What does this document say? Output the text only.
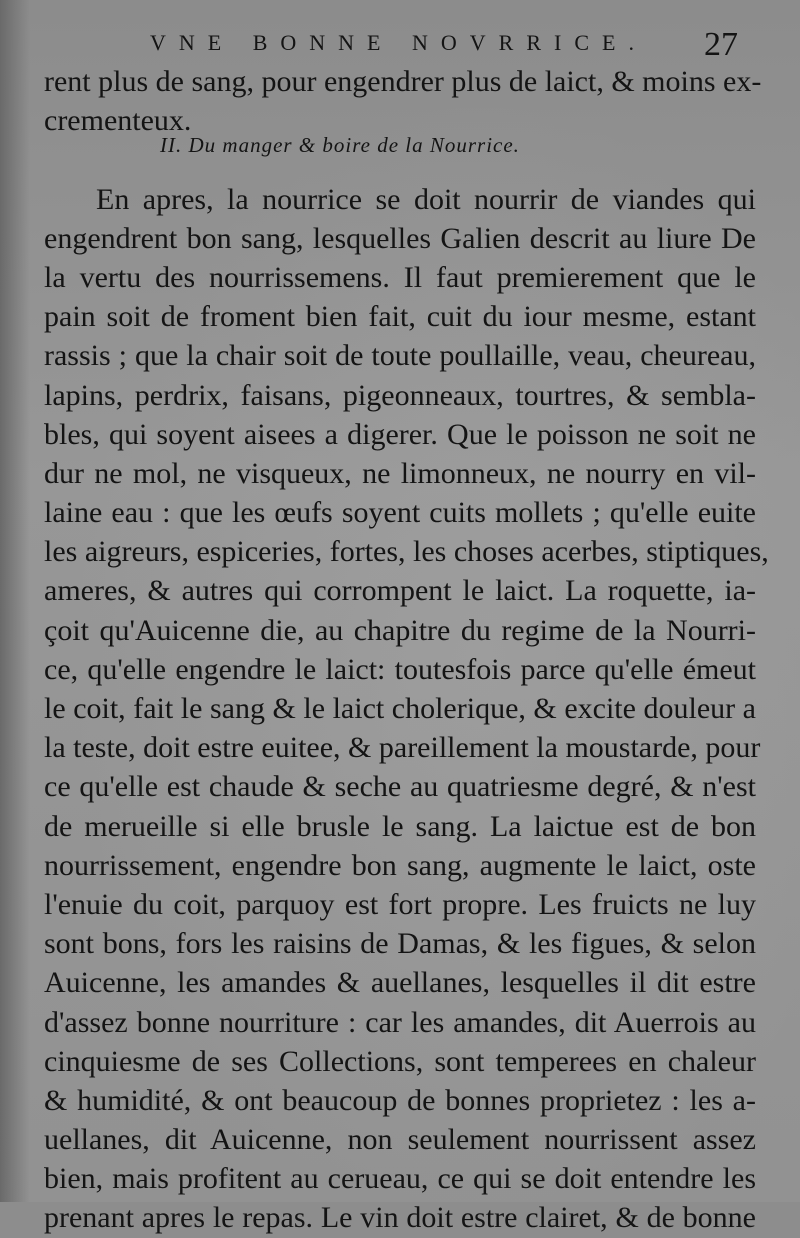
VNE BONNE NOVRRICE. 27
II. Du manger & boire de la Nourrice.
rent plus de sang, pour engendrer plus de laict, & moins ex-
crementeux.
En apres, la nourrice se doit nourrir de viandes qui
engendrent bon sang, lesquelles Galien descrit au liure De
la vertu des nourrissemens. Il faut premierement que le
pain soit de froment bien fait, cuit du iour mesme, estant
rassis ; que la chair soit de toute poullaille, veau, cheureau,
lapins, perdrix, faisans, pigeonneaux, tourtres, & sembla-
bles, qui soyent aisees a digerer. Que le poisson ne soit ne
dur ne mol, ne visqueux, ne limonneux, ne nourry en vil-
laine eau : que les œufs soyent cuits mollets ; qu'elle euite
les aigreurs, espiceries, fortes, les choses acerbes, stiptiques,
ameres, & autres qui corrompent le laict. La roquette, ia-
çoit qu'Auicenne die, au chapitre du regime de la Nourri-
ce, qu'elle engendre le laict: toutesfois parce qu'elle émeut
le coit, fait le sang & le laict cholerique, & excite douleur a
la teste, doit estre euitee, & pareillement la moustarde, pour
ce qu'elle est chaude & seche au quatriesme degré, & n'est
de merueille si elle brusle le sang. La laictue est de bon
nourrissement, engendre bon sang, augmente le laict, oste
l'enuie du coit, parquoy est fort propre. Les fruicts ne luy
sont bons, fors les raisins de Damas, & les figues, & selon
Auicenne, les amandes & auellanes, lesquelles il dit estre
d'assez bonne nourriture : car les amandes, dit Auerrois au
cinquiesme de ses Collections, sont temperees en chaleur
& humidité, & ont beaucoup de bonnes proprietez : les a-
uellanes, dit Auicenne, non seulement nourrissent assez
bien, mais profitent au cerueau, ce qui se doit entendre les
prenant apres le repas. Le vin doit estre clairet, & de bonne
